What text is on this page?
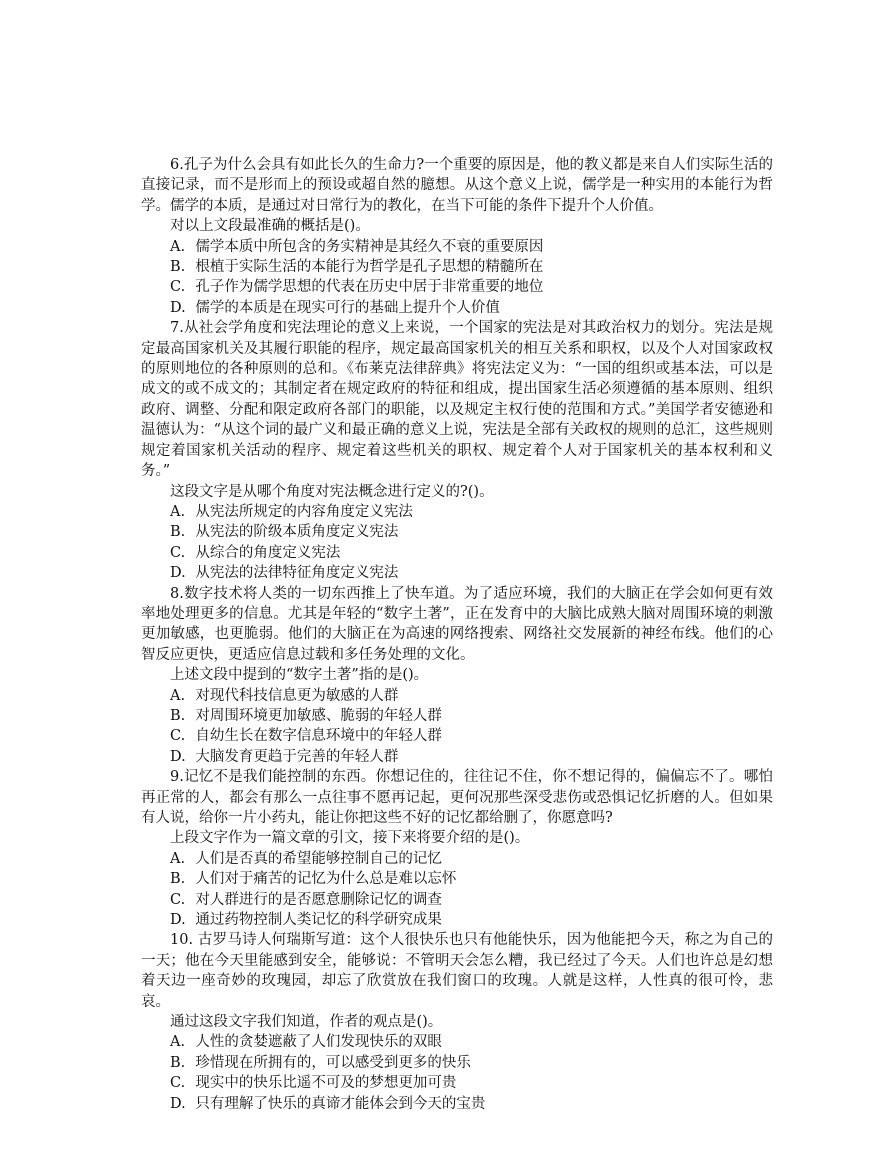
6.孔子为什么会具有如此长久的生命力?一个重要的原因是，他的教义都是来自人们实际生活的直接记录，而不是形而上的预设或超自然的臆想。从这个意义上说，儒学是一种实用的本能行为哲学。儒学的本质，是通过对日常行为的教化，在当下可能的条件下提升个人价值。

对以上文段最准确的概括是()。

A. 儒学本质中所包含的务实精神是其经久不衰的重要原因
B. 根植于实际生活的本能行为哲学是孔子思想的精髓所在
C. 孔子作为儒学思想的代表在历史中居于非常重要的地位
D. 儒学的本质是在现实可行的基础上提升个人价值

7.从社会学角度和宪法理论的意义上来说，一个国家的宪法是对其政治权力的划分。宪法是规定最高国家机关及其履行职能的程序，规定最高国家机关的相互关系和职权，以及个人对国家政权的原则地位的各种原则的总和。《布莱克法律辞典》将宪法定义为：“一国的组织或基本法，可以是成文的或不成文的；其制定者在规定政府的特征和组成，提出国家生活必须遵循的基本原则、组织政府、调整、分配和限定政府各部门的职能，以及规定主权行使的范围和方式。”美国学者安德逊和温德认为：“从这个词的最广义和最正确的意义上说，宪法是全部有关政权的规则的总汇，这些规则规定着国家机关活动的程序、规定着这些机关的职权、规定着个人对于国家机关的基本权利和义务。”

这段文字是从哪个角度对宪法概念进行定义的?()。

A. 从宪法所规定的内容角度定义宪法
B. 从宪法的阶级本质角度定义宪法
C. 从综合的角度定义宪法
D. 从宪法的法律特征角度定义宪法

8.数字技术将人类的一切东西推上了快车道。为了适应环境，我们的大脑正在学会如何更有效率地处理更多的信息。尤其是年轻的“数字土著”，正在发育中的大脑比成熟大脑对周围环境的刺激更加敏感，也更脆弱。他们的大脑正在为高速的网络搜索、网络社交发展新的神经布线。他们的心智反应更快，更适应信息过载和多任务处理的文化。

上述文段中提到的“数字土著”指的是()。

A. 对现代科技信息更为敏感的人群
B. 对周围环境更加敏感、脆弱的年轻人群
C. 自幼生长在数字信息环境中的年轻人群
D. 大脑发育更趋于完善的年轻人群

9.记忆不是我们能控制的东西。你想记住的，往往记不住，你不想记得的，偏偏忘不了。哪怕再正常的人，都会有那么一点往事不愿再记起，更何况那些深受悲伤或恐惧记忆折磨的人。但如果有人说，给你一片小药丸，能让你把这些不好的记忆都给删了，你愿意吗?

上段文字作为一篇文章的引文，接下来将要介绍的是()。

A. 人们是否真的希望能够控制自己的记忆
B. 人们对于痛苦的记忆为什么总是难以忘怀
C. 对人群进行的是否愿意删除记忆的调查
D. 通过药物控制人类记忆的科学研究成果

10. 古罗马诗人何瑞斯写道：这个人很快乐也只有他能快乐，因为他能把今天，称之为自己的一天；他在今天里能感到安全，能够说：不管明天会怎么糟，我已经过了今天。人们也许总是幻想着天边一座奇妙的玫瑰园，却忘了欣赏放在我们窗口的玫瑰。人就是这样，人性真的很可怜，悲哀。

通过这段文字我们知道，作者的观点是()。

A. 人性的贪婪遮蔽了人们发现快乐的双眼
B. 珍惜现在所拥有的，可以感受到更多的快乐
C. 现实中的快乐比遥不可及的梦想更加可贵
D. 只有理解了快乐的真谛才能体会到今天的宝贵
